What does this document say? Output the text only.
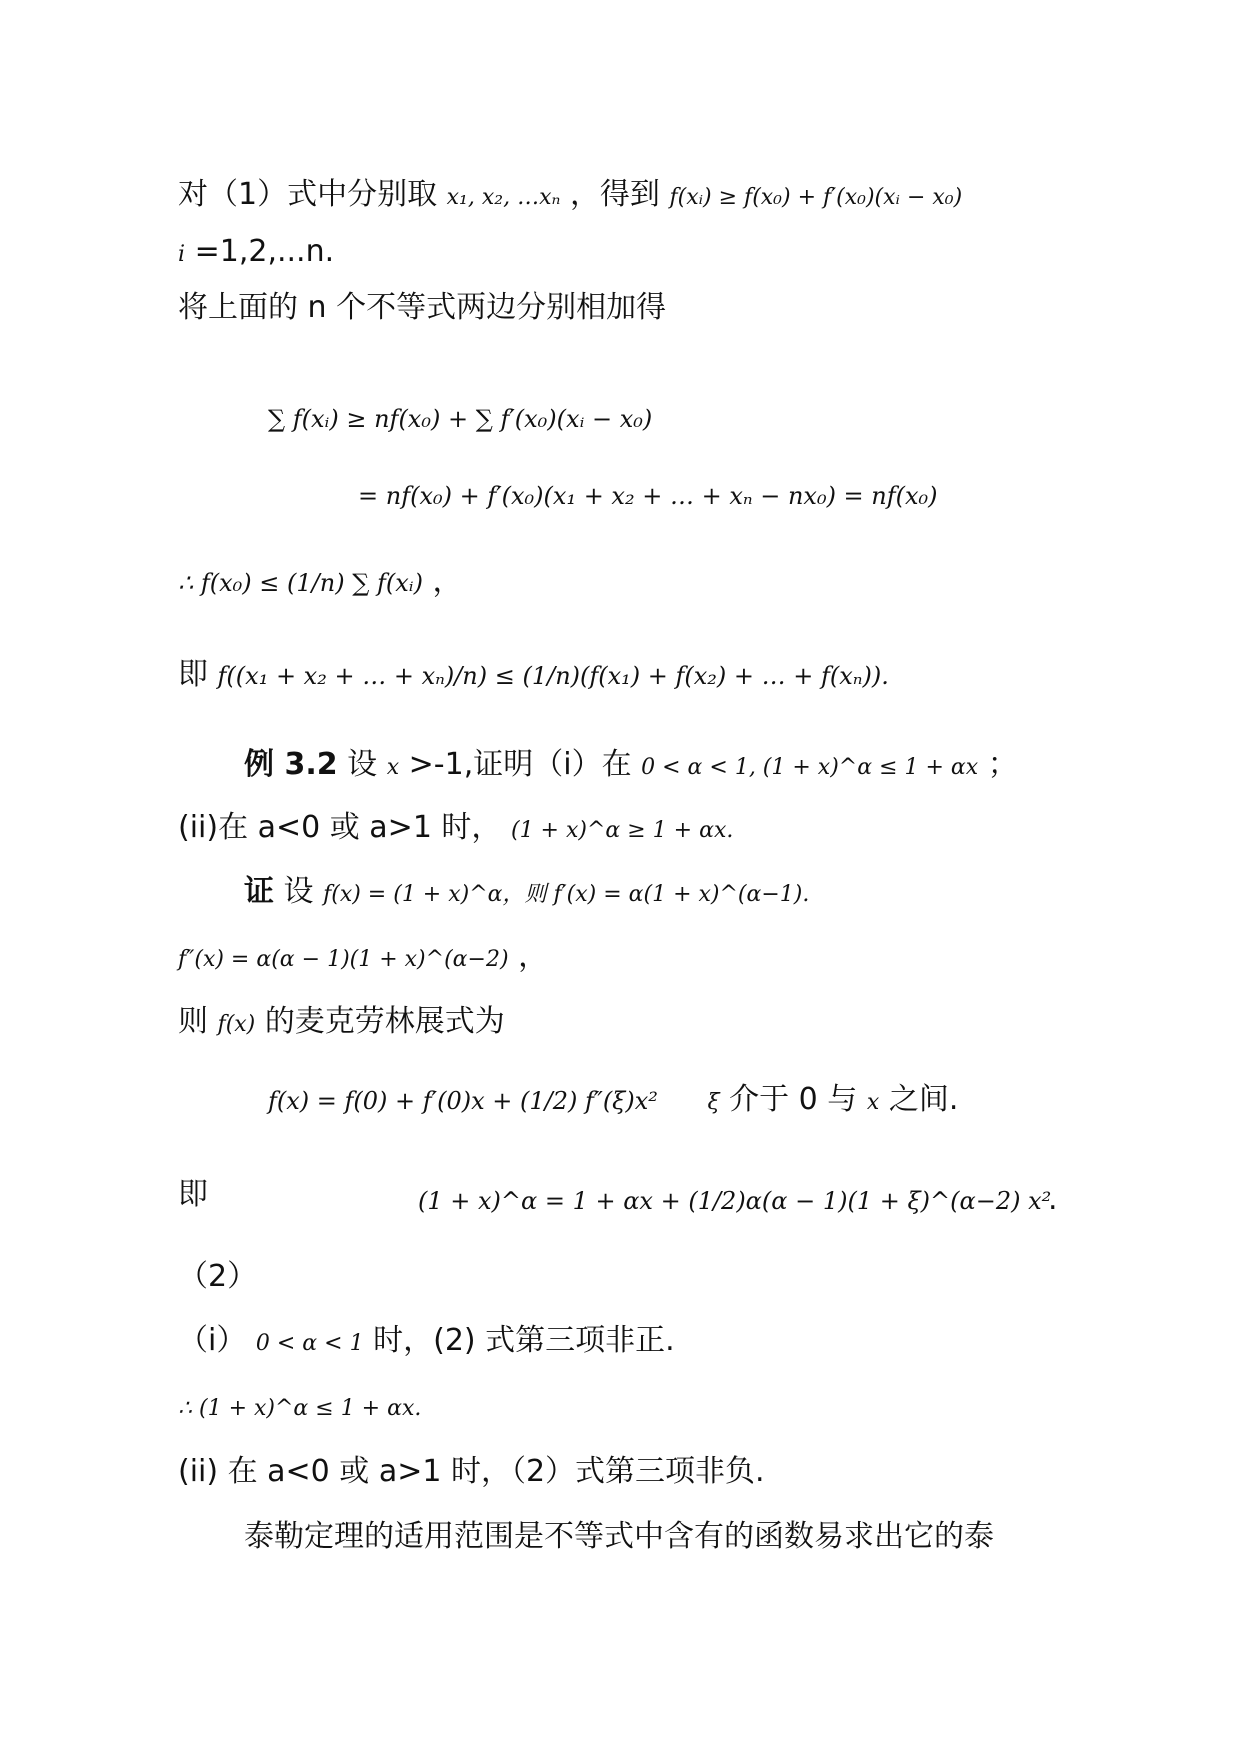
对（1）式中分别取 x₁, x₂, …xₙ ，得到 f(xᵢ) ≥ f(x₀) + f′(x₀)(xᵢ − x₀)
i =1,2,...n.
将上面的 n 个不等式两边分别相加得
∑ f(xᵢ) ≥ nf(x₀) + ∑ f′(x₀)(xᵢ − x₀)
= nf(x₀) + f′(x₀)(x₁ + x₂ + … + xₙ − nx₀) = nf(x₀)
∴ f(x₀) ≤ (1/n) ∑ f(xᵢ) ，
即 f((x₁ + x₂ + … + xₙ)/n) ≤ (1/n)(f(x₁) + f(x₂) + … + f(xₙ)).
例 3.2 设 x >-1,证明（i）在 0 < α < 1, (1 + x)^α ≤ 1 + αx ；
(ii)在 a<0 或 a>1 时， (1 + x)^α ≥ 1 + αx.
证 设 f(x) = (1 + x)^α，则 f′(x) = α(1 + x)^(α−1).
f″(x) = α(α − 1)(1 + x)^(α−2) ，
则 f(x) 的麦克劳林展式为
f(x) = f(0) + f′(0)x + (1/2) f″(ξ)x² ξ 介于 0 与 x 之间.
即	(1 + x)^α = 1 + αx + (1/2)α(α − 1)(1 + ξ)^(α−2) x²
.
（2）
（i） 0 < α < 1 时，(2) 式第三项非正.
∴ (1 + x)^α ≤ 1 + αx.
(ii) 在 a<0 或 a>1 时，（2）式第三项非负.
泰勒定理的适用范围是不等式中含有的函数易求出它的泰
